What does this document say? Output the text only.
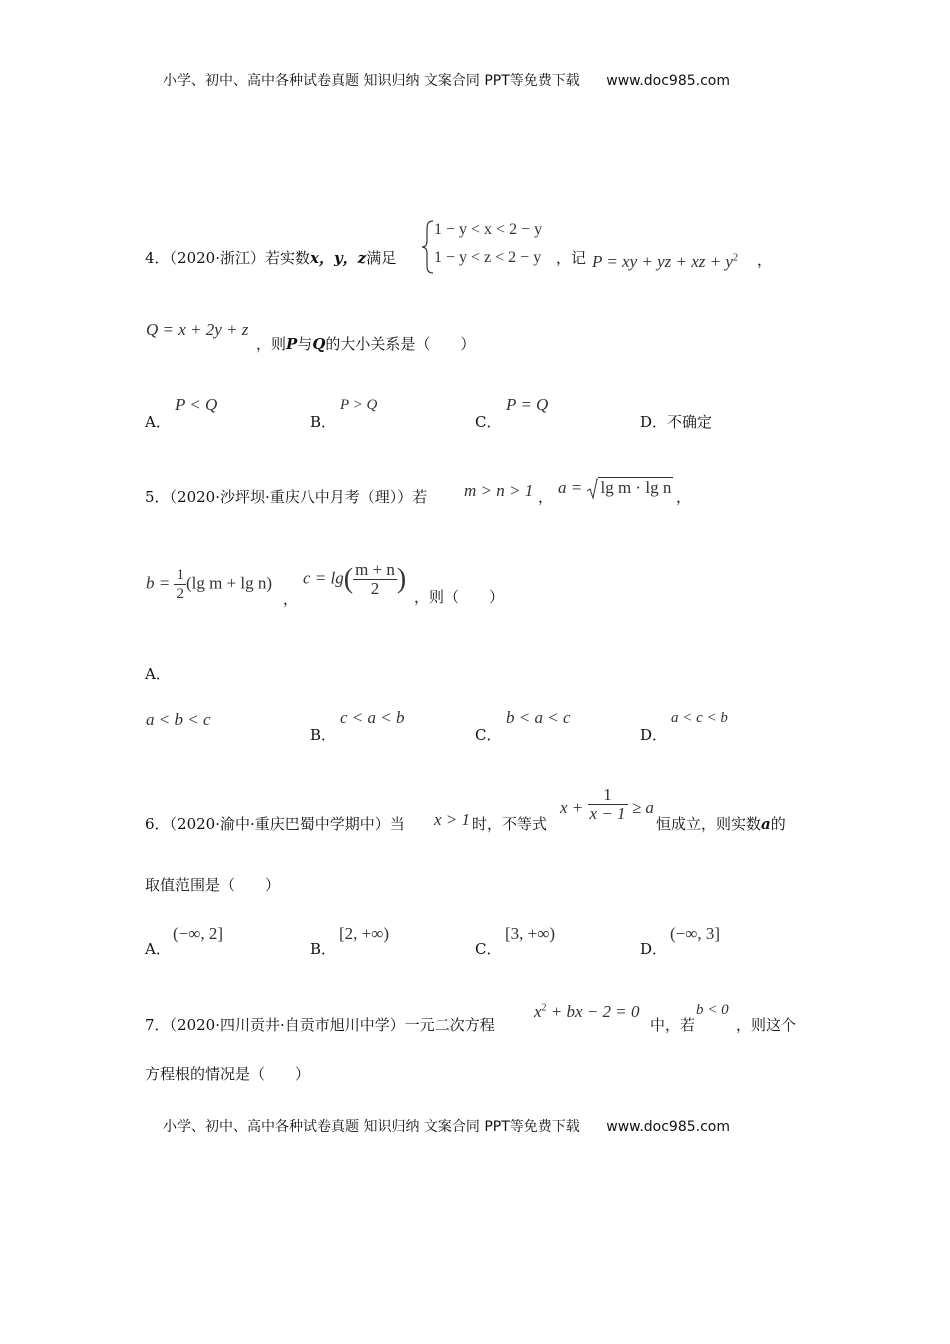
小学、初中、高中各种试卷真题 知识归纳 文案合同 PPT等免费下载 www.doc985.com
4．（2020·浙江）若实数x，y，z满足
1 − y < x < 2 − y
1 − y < z < 2 − y ，记 P = xy + yz + xz + $y^2$ ，
Q = x + 2y + z
，则P与Q的大小关系是（　　）
A．
P < Q
B．
P > Q
C．
P = Q
D．不确定
5．（2020·沙坪坝·重庆八中月考（理））若 m > n > 1 ， a = lg m · lg n ，
$b = \frac{1}{2} (\lg$ m + lg n)
，
$c = \lg( \frac{m + n}{2}$ )
，则（　　）
A．
a < b < c
B．
c < a < b
C．
b < a < c
D．
a < c < b
6．（2020·渝中·重庆巴蜀中学期中）当 x > 1 时，不等式
$x + \frac{1}{x - 1} \ge a$
恒成立，则实数a的
取值范围是（　　）
A．
(−∞, 2]
B．
[2, +∞)
C．
[3, +∞)
D．
(−∞, 3]
7．（2020·四川贡井·自贡市旭川中学）一元二次方程
$x^2$ + bx − 2 = 0
中，若
b < 0
，则这个
方程根的情况是（　　）
小学、初中、高中各种试卷真题 知识归纳 文案合同 PPT等免费下载 www.doc985.com
